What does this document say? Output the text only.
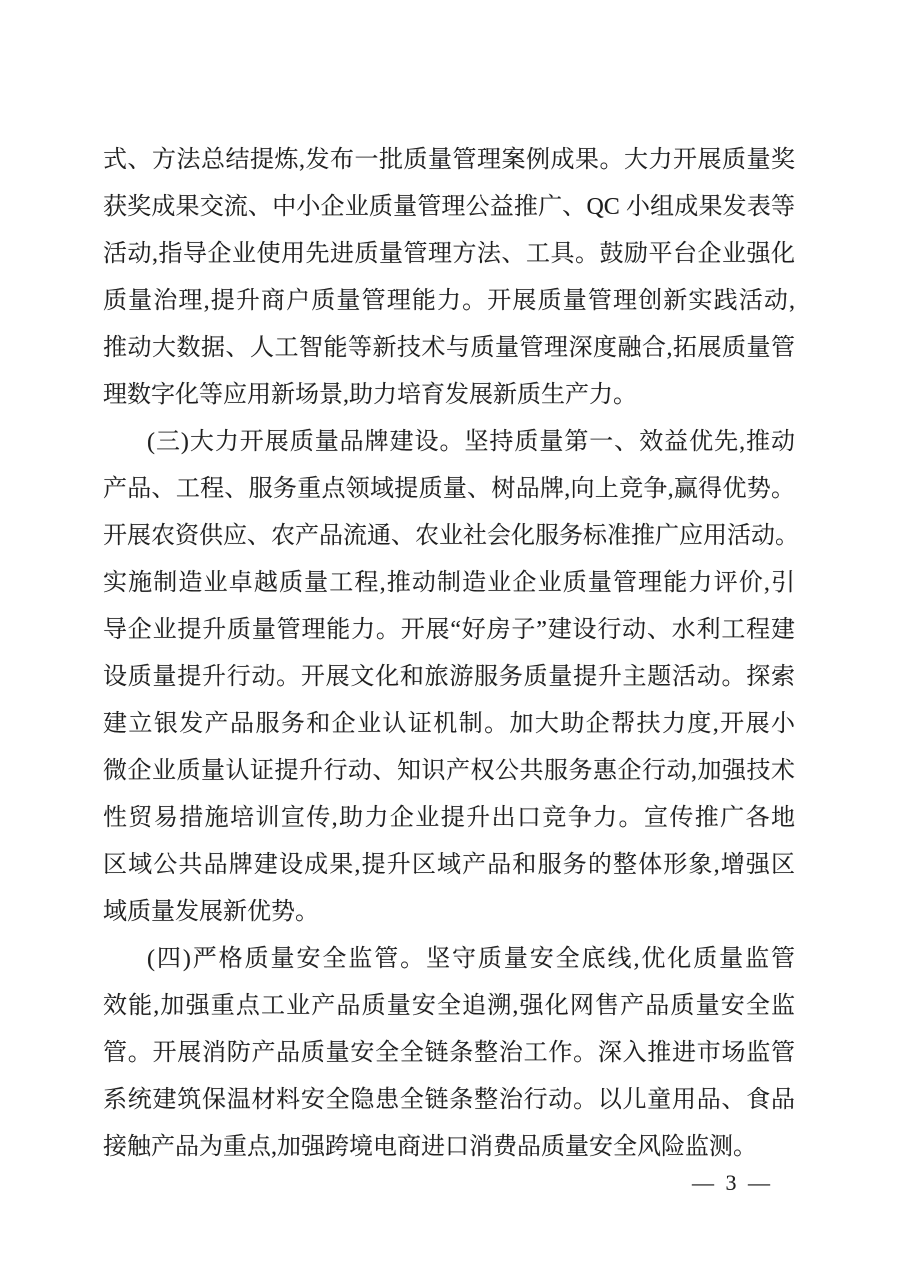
式、方法总结提炼,发布一批质量管理案例成果。大力开展质量奖
获奖成果交流、中小企业质量管理公益推广、QC 小组成果发表等
活动,指导企业使用先进质量管理方法、工具。鼓励平台企业强化
质量治理,提升商户质量管理能力。开展质量管理创新实践活动,
推动大数据、人工智能等新技术与质量管理深度融合,拓展质量管
理数字化等应用新场景,助力培育发展新质生产力。
(三)大力开展质量品牌建设。坚持质量第一、效益优先,推动
产品、工程、服务重点领域提质量、树品牌,向上竞争,赢得优势。
开展农资供应、农产品流通、农业社会化服务标准推广应用活动。
实施制造业卓越质量工程,推动制造业企业质量管理能力评价,引
导企业提升质量管理能力。开展“好房子”建设行动、水利工程建
设质量提升行动。开展文化和旅游服务质量提升主题活动。探索
建立银发产品服务和企业认证机制。加大助企帮扶力度,开展小
微企业质量认证提升行动、知识产权公共服务惠企行动,加强技术
性贸易措施培训宣传,助力企业提升出口竞争力。宣传推广各地
区域公共品牌建设成果,提升区域产品和服务的整体形象,增强区
域质量发展新优势。
(四)严格质量安全监管。坚守质量安全底线,优化质量监管
效能,加强重点工业产品质量安全追溯,强化网售产品质量安全监
管。开展消防产品质量安全全链条整治工作。深入推进市场监管
系统建筑保温材料安全隐患全链条整治行动。以儿童用品、食品
接触产品为重点,加强跨境电商进口消费品质量安全风险监测。
— 3 —
